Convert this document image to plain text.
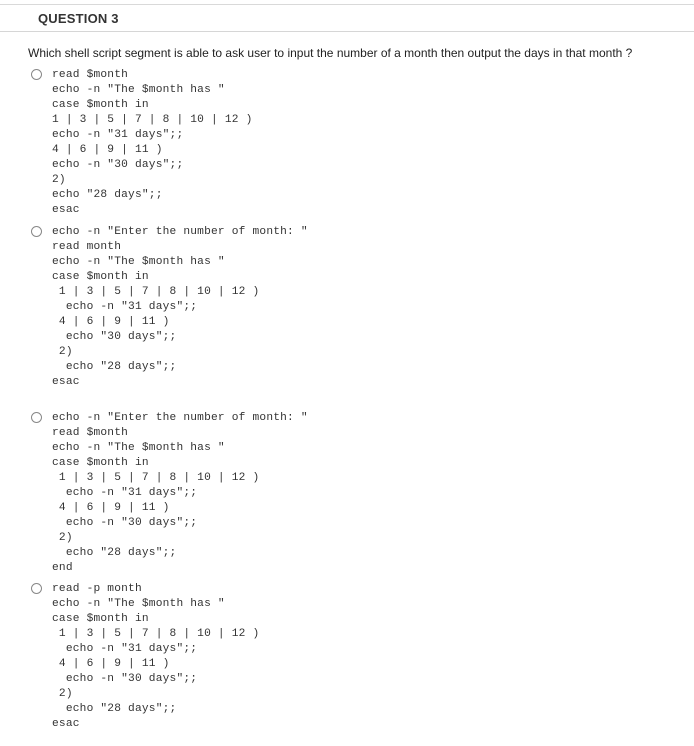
QUESTION 3
Which shell script segment is able to ask user to input the number of a month then output the days in that month ?
read $month
echo -n "The $month has "
case $month in
1 | 3 | 5 | 7 | 8 | 10 | 12 )
echo -n "31 days";;
4 | 6 | 9 | 11 )
echo -n "30 days";;
2)
echo "28 days";;
esac
echo -n "Enter the number of month: "
read month
echo -n "The $month has "
case $month in
1 | 3 | 5 | 7 | 8 | 10 | 12 )
echo -n "31 days";;
4 | 6 | 9 | 11 )
echo "30 days";;
2)
echo "28 days";;
esac
echo -n "Enter the number of month: "
read $month
echo -n "The $month has "
case $month in
1 | 3 | 5 | 7 | 8 | 10 | 12 )
echo -n "31 days";;
4 | 6 | 9 | 11 )
echo -n "30 days";;
2)
echo "28 days";;
end
read -p month
echo -n "The $month has "
case $month in
1 | 3 | 5 | 7 | 8 | 10 | 12 )
echo -n "31 days";;
4 | 6 | 9 | 11 )
echo -n "30 days";;
2)
echo "28 days";;
esac
